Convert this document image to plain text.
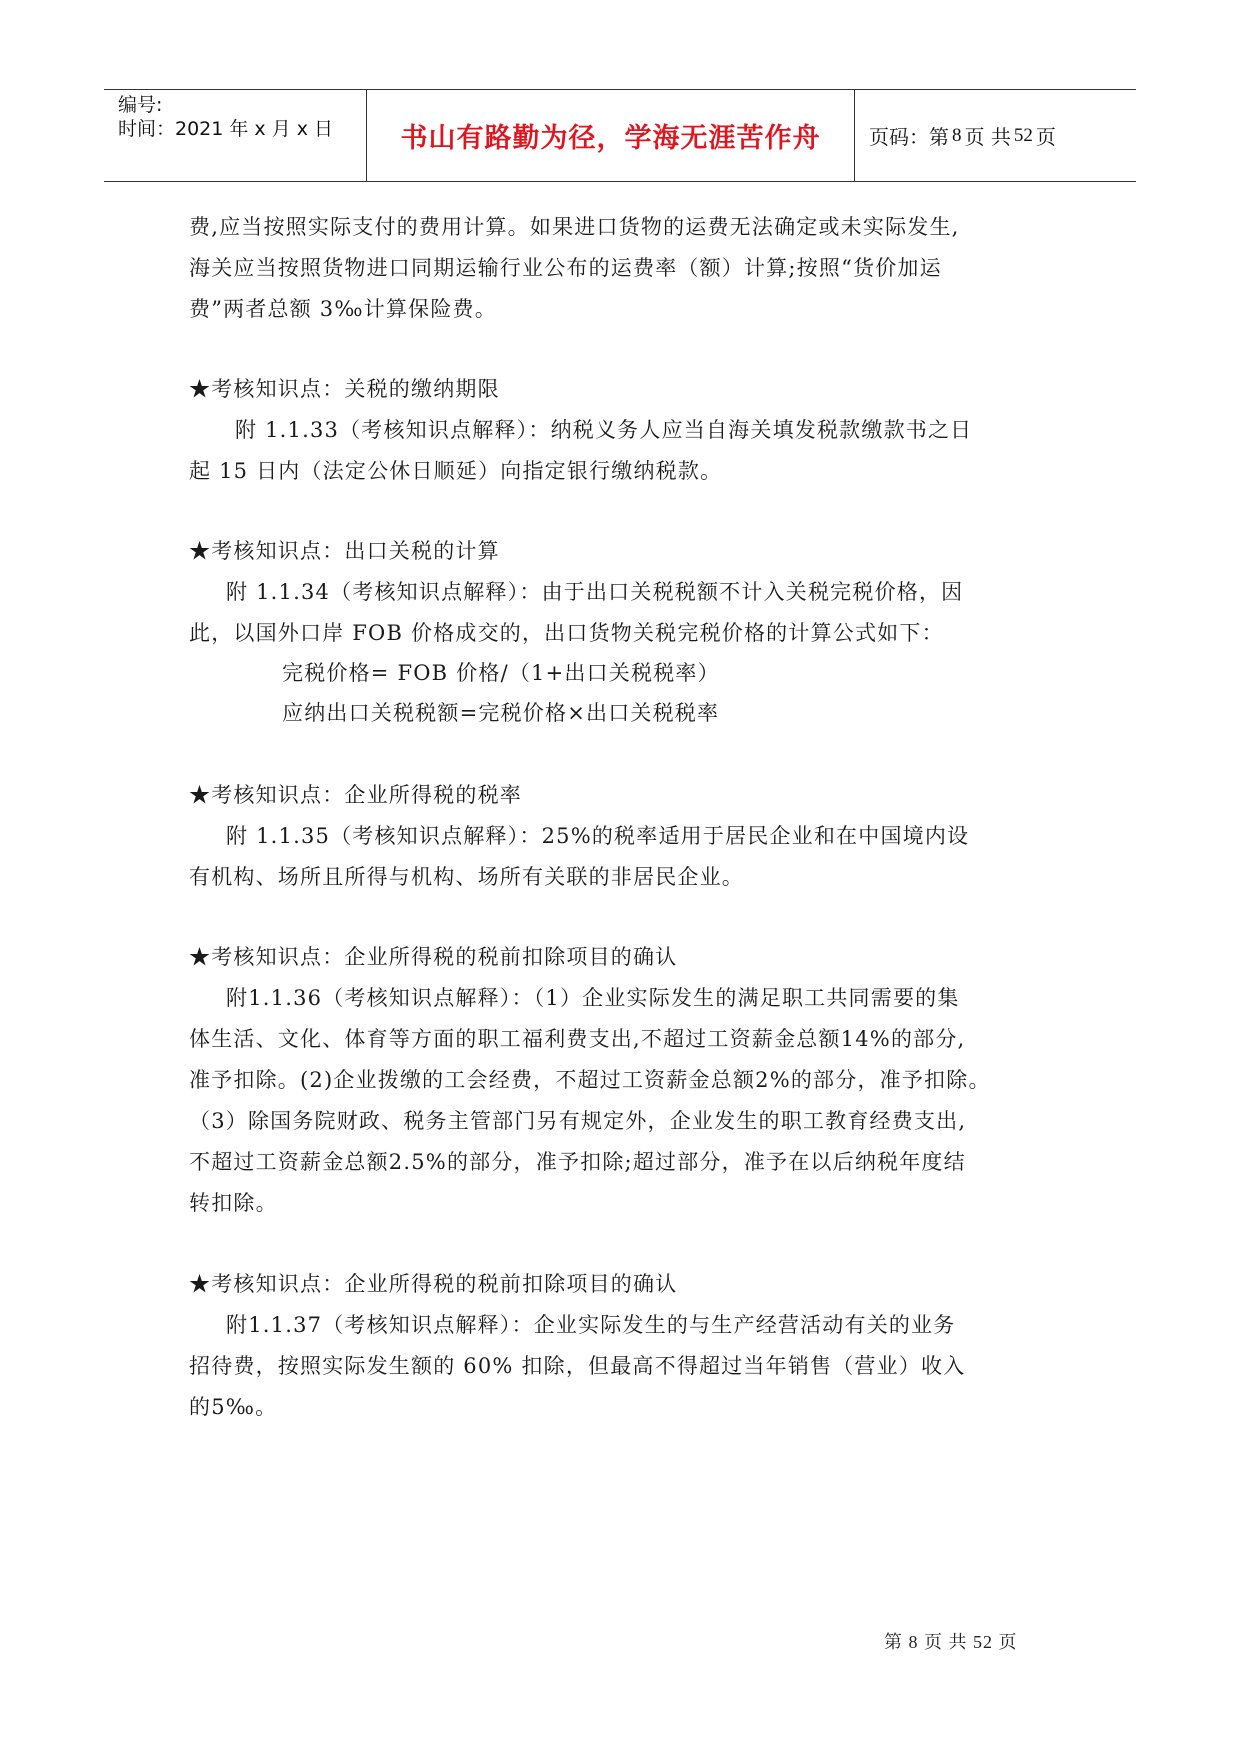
编号:
时间：2021 年 x 月 x 日	书山有路勤为径，学海无涯苦作舟 页码：第 8 页 共 52 页
费,应当按照实际支付的费用计算。如果进口货物的运费无法确定或未实际发生,
海关应当按照货物进口同期运输行业公布的运费率（额）计算;按照“货价加运
费”两者总额 3‰计算保险费。
★考核知识点：关税的缴纳期限
附 1.1.33（考核知识点解释）：纳税义务人应当自海关填发税款缴款书之日
起 15 日内（法定公休日顺延）向指定银行缴纳税款。
★考核知识点：出口关税的计算
附 1.1.34（考核知识点解释）：由于出口关税税额不计入关税完税价格，因
此，以国外口岸 FOB 价格成交的，出口货物关税完税价格的计算公式如下：
完税价格= FOB 价格/（1+出口关税税率）
应纳出口关税税额=完税价格×出口关税税率
★考核知识点：企业所得税的税率
附 1.1.35（考核知识点解释）：25%的税率适用于居民企业和在中国境内设
有机构、场所且所得与机构、场所有关联的非居民企业。
★考核知识点：企业所得税的税前扣除项目的确认
附1.1.36（考核知识点解释）：（1）企业实际发生的满足职工共同需要的集
体生活、文化、体育等方面的职工福利费支出,不超过工资薪金总额14%的部分,
准予扣除。(2)企业拨缴的工会经费，不超过工资薪金总额2%的部分，准予扣除。
（3）除国务院财政、税务主管部门另有规定外，企业发生的职工教育经费支出,
不超过工资薪金总额2.5%的部分，准予扣除;超过部分，准予在以后纳税年度结
转扣除。
★考核知识点：企业所得税的税前扣除项目的确认
附1.1.37（考核知识点解释）：企业实际发生的与生产经营活动有关的业务
招待费，按照实际发生额的 60% 扣除，但最高不得超过当年销售（营业）收入
的5‰。
第 8 页 共 52 页
